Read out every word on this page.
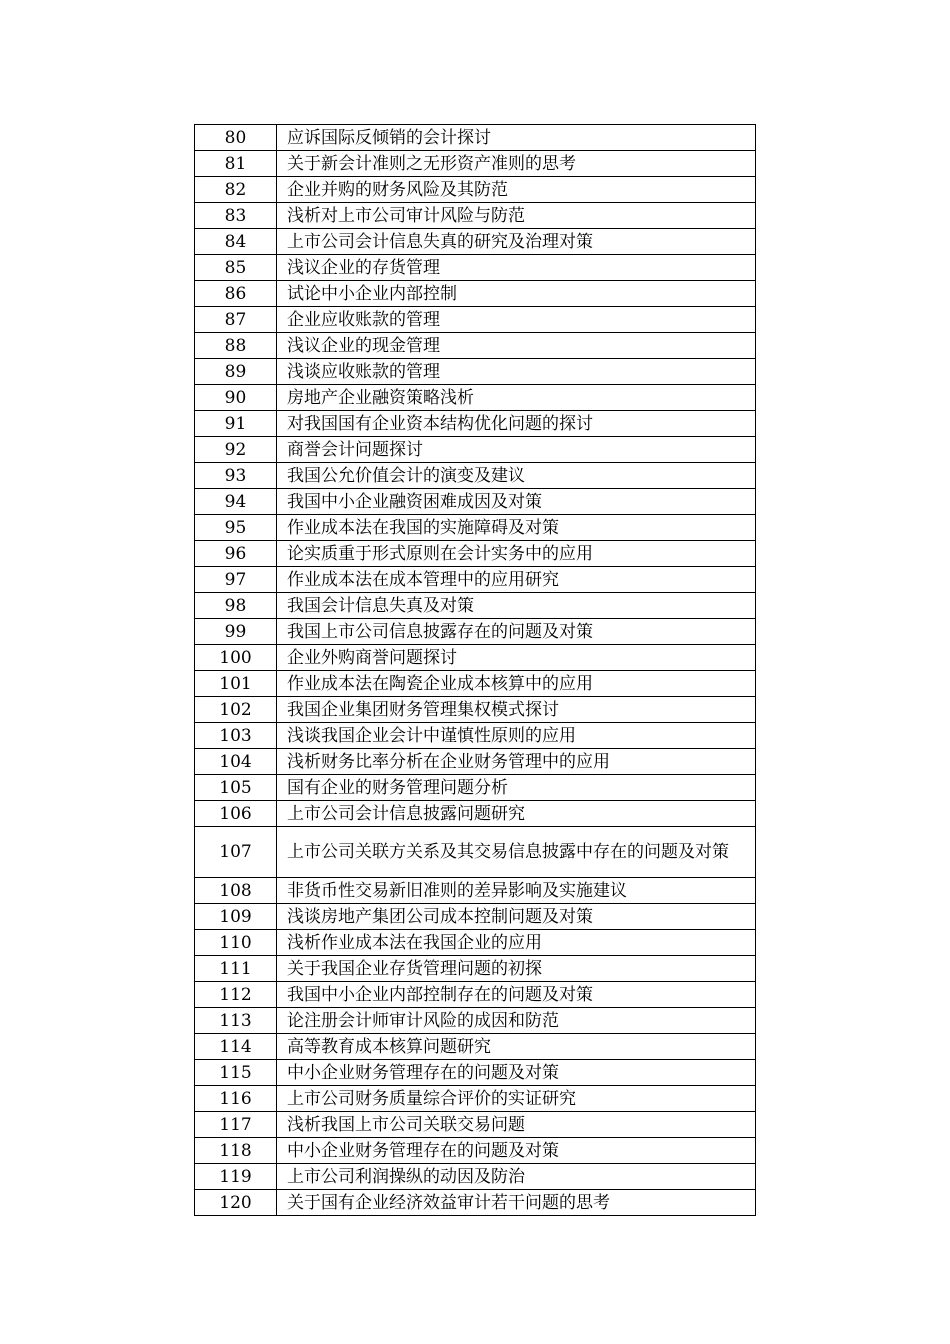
80	应诉国际反倾销的会计探讨
81	关于新会计准则之无形资产准则的思考
82	企业并购的财务风险及其防范
83	浅析对上市公司审计风险与防范
84	上市公司会计信息失真的研究及治理对策
85	浅议企业的存货管理
86	试论中小企业内部控制
87	企业应收账款的管理
88	浅议企业的现金管理
89	浅谈应收账款的管理
90	房地产企业融资策略浅析
91	对我国国有企业资本结构优化问题的探讨
92	商誉会计问题探讨
93	我国公允价值会计的演变及建议
94	我国中小企业融资困难成因及对策
95	作业成本法在我国的实施障碍及对策
96	论实质重于形式原则在会计实务中的应用
97	作业成本法在成本管理中的应用研究
98	我国会计信息失真及对策
99	我国上市公司信息披露存在的问题及对策
100	企业外购商誉问题探讨
101	作业成本法在陶瓷企业成本核算中的应用
102	我国企业集团财务管理集权模式探讨
103	浅谈我国企业会计中谨慎性原则的应用
104	浅析财务比率分析在企业财务管理中的应用
105	国有企业的财务管理问题分析
106	上市公司会计信息披露问题研究
107	上市公司关联方关系及其交易信息披露中存在的问题及对策
108	非货币性交易新旧准则的差异影响及实施建议
109	浅谈房地产集团公司成本控制问题及对策
110	浅析作业成本法在我国企业的应用
111	关于我国企业存货管理问题的初探
112	我国中小企业内部控制存在的问题及对策
113	论注册会计师审计风险的成因和防范
114	高等教育成本核算问题研究
115	中小企业财务管理存在的问题及对策
116	上市公司财务质量综合评价的实证研究
117	浅析我国上市公司关联交易问题
118	中小企业财务管理存在的问题及对策
119	上市公司利润操纵的动因及防治
120	关于国有企业经济效益审计若干问题的思考
